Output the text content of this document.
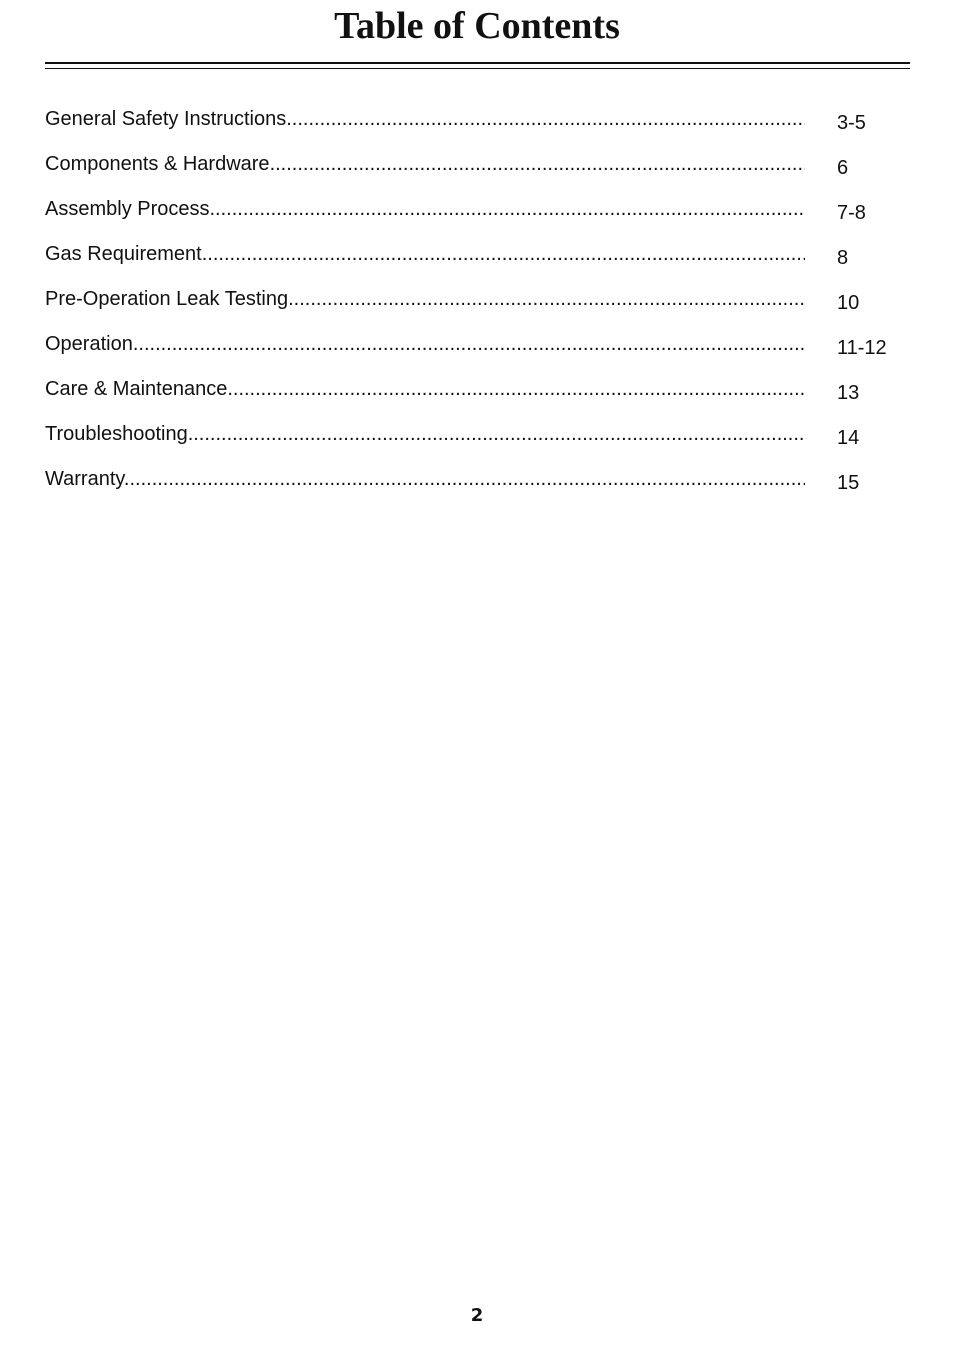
Table of Contents
General Safety Instructions .....	3-5
Components & Hardware .....	6
Assembly Process .....	7-8
Gas Requirement .....	8
Pre-Operation Leak Testing .....	10
Operation .....	11-12
Care & Maintenance .....	13
Troubleshooting .....	14
Warranty .....	15
2
